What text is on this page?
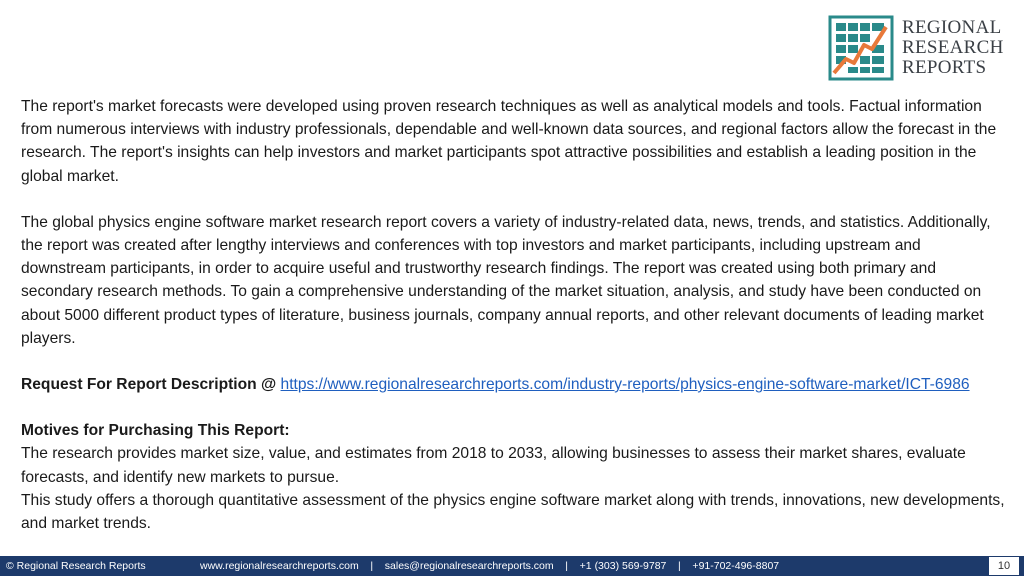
REGIONAL
RESEARCH
REPORTS

The report's market forecasts were developed using proven research techniques as well as analytical models and tools. Factual information from numerous interviews with industry professionals, dependable and well-known data sources, and regional factors allow the forecast in the research. The report's insights can help investors and market participants spot attractive possibilities and establish a leading position in the global market.

The global physics engine software market research report covers a variety of industry-related data, news, trends, and statistics. Additionally, the report was created after lengthy interviews and conferences with top investors and market participants, including upstream and downstream participants, in order to acquire useful and trustworthy research findings. The report was created using both primary and secondary research methods. To gain a comprehensive understanding of the market situation, analysis, and study have been conducted on about 5000 different product types of literature, business journals, company annual reports, and other relevant documents of leading market players.

Request For Report Description @ https://www.regionalresearchreports.com/industry-reports/physics-engine-software-market/ICT-6986

Motives for Purchasing This Report:

The research provides market size, value, and estimates from 2018 to 2033, allowing businesses to assess their market shares, evaluate forecasts, and identify new markets to pursue.

This study offers a thorough quantitative assessment of the physics engine software market along with trends, innovations, new developments, and market trends.

© Regional Research Reports	www.regionalresearchreports.com    |    sales@regionalresearchreports.com    |    +1 (303) 569-9787    |    +91-702-496-8807	10
